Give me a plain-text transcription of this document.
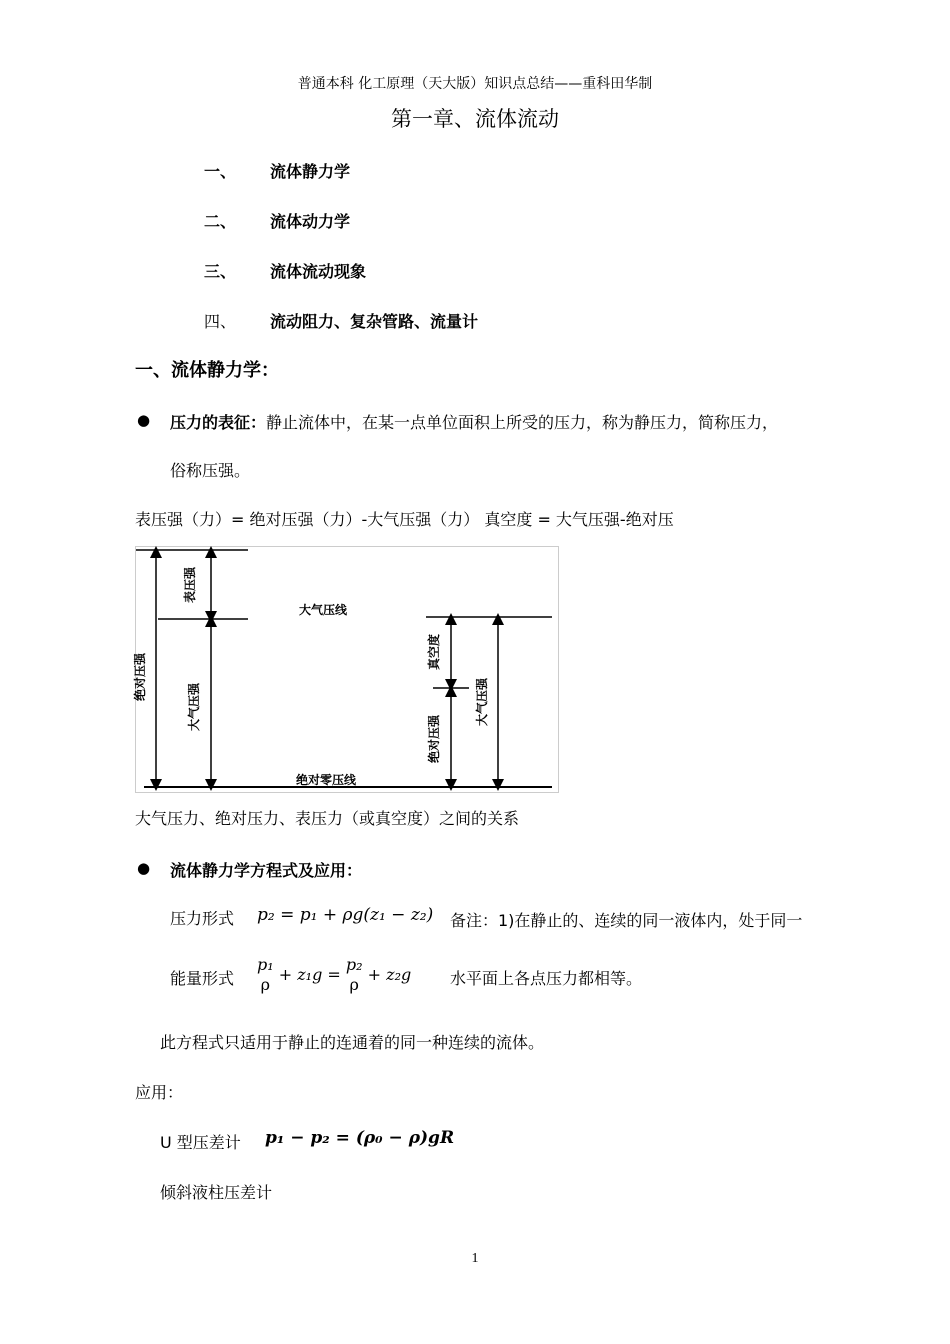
普通本科 化工原理（天大版）知识点总结——重科田华制
第一章、流体流动
一、 流体静力学
二、 流体动力学
三、 流体流动现象
四、 流动阻力、复杂管路、流量计
一、流体静力学：
● 压力的表征：静止流体中，在某一点单位面积上所受的压力，称为静压力，简称压力，
俗称压强。
表压强（力）= 绝对压强（力）-大气压强（力） 真空度 = 大气压强-绝对压
表压强
大气压线
绝对压强
大气压强
真空度
绝对压强
大气压强
绝对零压线
大气压力、绝对压力、表压力（或真空度）之间的关系
● 流体静力学方程式及应用：
压力形式 p₂ = p₁ + ρg(z₁ − z₂) 备注：1)在静止的、连续的同一液体内，处于同一
能量形式
p₁
ρ
+ z₁g =
p₂
ρ
+ z₂g 水平面上各点压力都相等。
此方程式只适用于静止的连通着的同一种连续的流体。
应用：
U 型压差计 p₁ − p₂ = (ρ₀ − ρ)gR
倾斜液柱压差计
1
